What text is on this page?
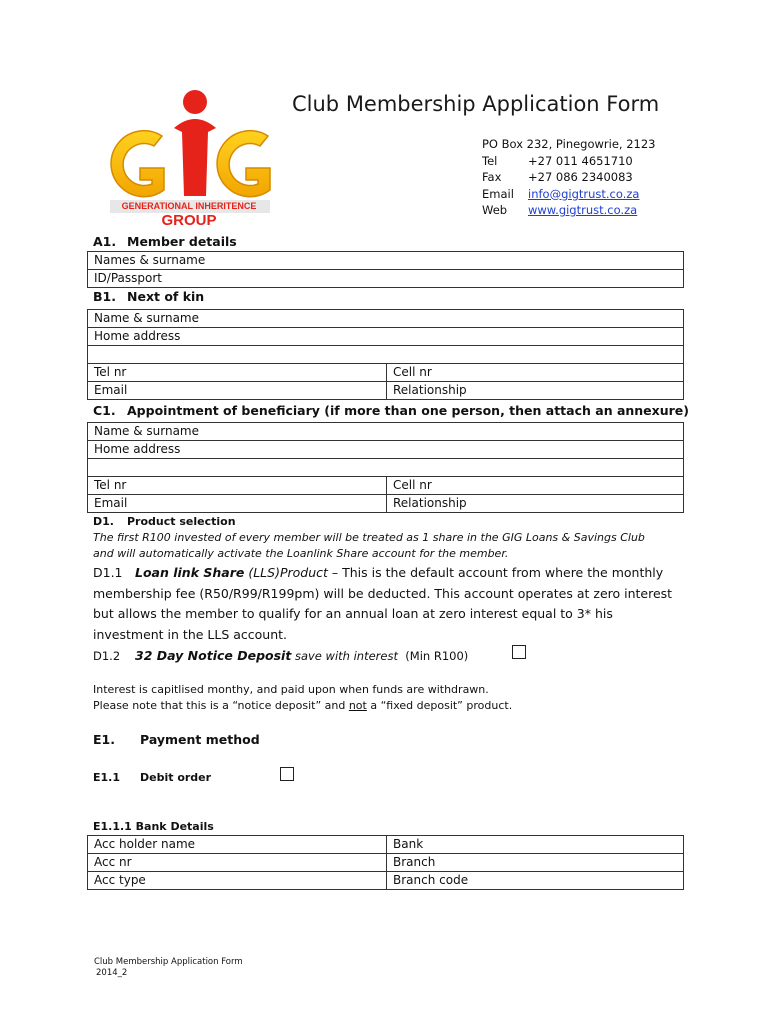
GENERATIONAL INHERITENCE
GROUP
Club Membership Application Form
PO Box 232, Pinegowrie, 2123
Tel	+27 011 4651710
Fax	+27 086 2340083
Email	info@gigtrust.co.za
Web	www.gigtrust.co.za
A1. Member details
Names & surname
ID/Passport
B1. Next of kin
Name & surname	
Home address	

Tel nr	Cell nr
Email	Relationship
C1. Appointment of beneficiary (if more than one person, then attach an annexure)
Name & surname	
Home address	

Tel nr	Cell nr
Email	Relationship
D1. Product selection
The first R100 invested of every member will be treated as 1 share in the GIG Loans & Savings Club
and will automatically activate the Loanlink Share account for the member.
D1.1 Loan link Share (LLS)Product – This is the default account from where the monthly
membership fee (R50/R99/R199pm) will be deducted. This account operates at zero interest
but allows the member to qualify for an annual loan at zero interest equal to 3* his
investment in the LLS account.
D1.2 32 Day Notice Deposit save with interest (Min R100)
Interest is capitlised monthy, and paid upon when funds are withdrawn.
Please note that this is a “notice deposit” and not a “fixed deposit” product.
E1. Payment method
E1.1 Debit order
E1.1.1 Bank Details
Acc holder name	Bank
Acc nr	Branch
Acc type	Branch code
Club Membership Application Form
2014_2
